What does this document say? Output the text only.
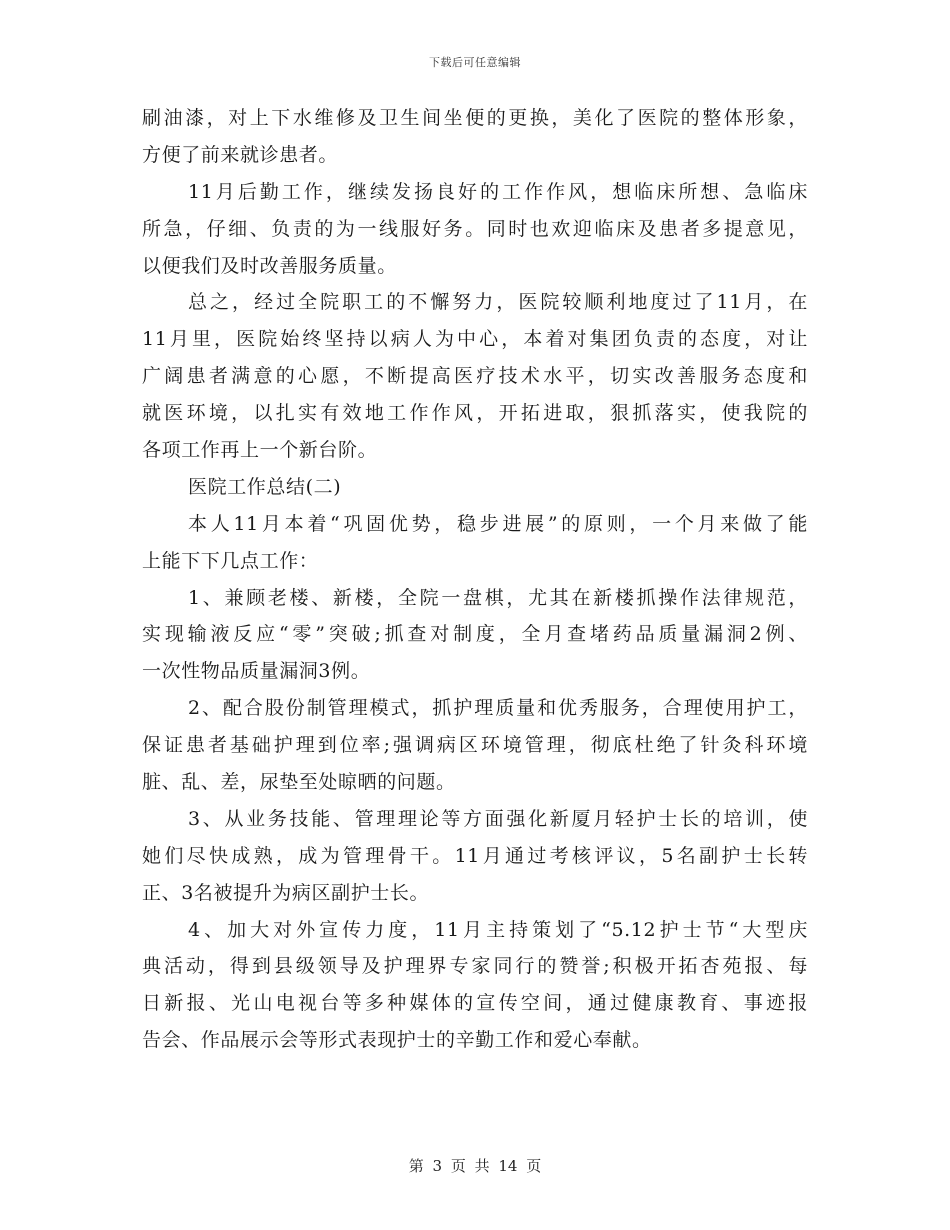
下载后可任意编辑
刷油漆，对上下水维修及卫生间坐便的更换，美化了医院的整体形象，
方便了前来就诊患者。
11月后勤工作，继续发扬良好的工作作风，想临床所想、急临床
所急，仔细、负责的为一线服好务。同时也欢迎临床及患者多提意见，
以便我们及时改善服务质量。
总之，经过全院职工的不懈努力，医院较顺利地度过了11月，在
11月里，医院始终坚持以病人为中心，本着对集团负责的态度，对让
广阔患者满意的心愿，不断提高医疗技术水平，切实改善服务态度和
就医环境，以扎实有效地工作作风，开拓进取，狠抓落实，使我院的
各项工作再上一个新台阶。
医院工作总结(二)
本人11月本着“巩固优势，稳步进展”的原则，一个月来做了能
上能下下几点工作：
1、兼顾老楼、新楼，全院一盘棋，尤其在新楼抓操作法律规范，
实现输液反应“零”突破;抓查对制度，全月查堵药品质量漏洞2例、
一次性物品质量漏洞3例。
2、配合股份制管理模式，抓护理质量和优秀服务，合理使用护工，
保证患者基础护理到位率;强调病区环境管理，彻底杜绝了针灸科环境
脏、乱、差，尿垫至处晾晒的问题。
3、从业务技能、管理理论等方面强化新厦月轻护士长的培训，使
她们尽快成熟，成为管理骨干。11月通过考核评议，5名副护士长转
正、3名被提升为病区副护士长。
4、加大对外宣传力度，11月主持策划了“5.12护士节“大型庆
典活动，得到县级领导及护理界专家同行的赞誉;积极开拓杏苑报、每
日新报、光山电视台等多种媒体的宣传空间，通过健康教育、事迹报
告会、作品展示会等形式表现护士的辛勤工作和爱心奉献。
第 3 页 共 14 页
